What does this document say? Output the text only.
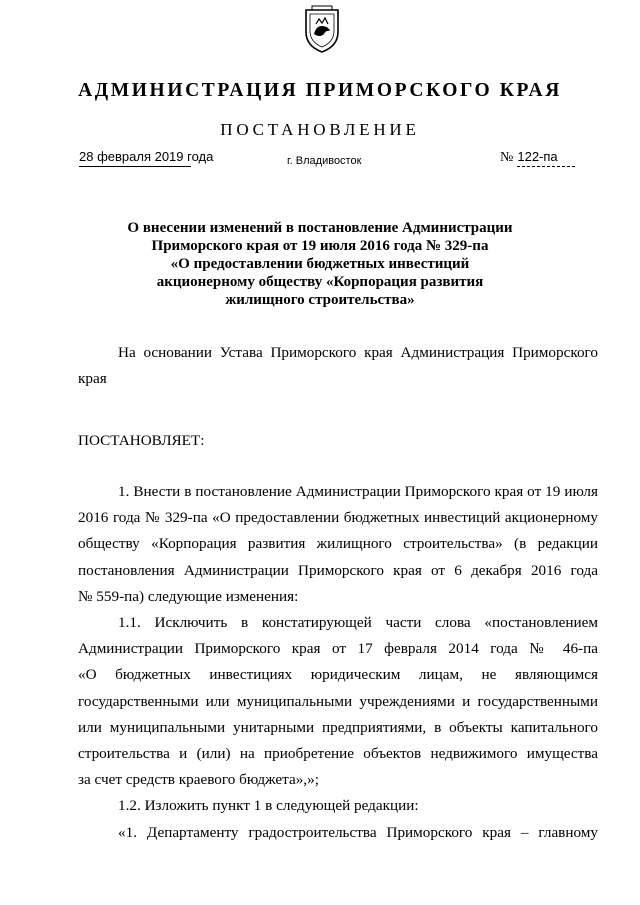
АДМИНИСТРАЦИЯ ПРИМОРСКОГО КРАЯ
ПОСТАНОВЛЕНИЕ
28 февраля 2019 года	г. Владивосток	№ 122-па
О внесении изменений в постановление Администрации
Приморского края от 19 июля 2016 года № 329-па
«О предоставлении бюджетных инвестиций
акционерному обществу «Корпорация развития
жилищного строительства»

На основании Устава Приморского края Администрация Приморского

края

ПОСТАНОВЛЯЕТ:

1. Внести в постановление Администрации Приморского края от 19 июля

2016 года № 329-па «О предоставлении бюджетных инвестиций акционерному

обществу «Корпорация развития жилищного строительства» (в редакции

постановления Администрации Приморского края от 6 декабря 2016 года

№ 559-па) следующие изменения:

1.1. Исключить в констатирующей части слова «постановлением

Администрации Приморского края от 17 февраля 2014 года № 46-па

«О бюджетных инвестициях юридическим лицам, не являющимся

государственными или муниципальными учреждениями и государственными

или муниципальными унитарными предприятиями, в объекты капитального

строительства и (или) на приобретение объектов недвижимого имущества

за счет средств краевого бюджета»,»;

1.2. Изложить пункт 1 в следующей редакции:

«1. Департаменту градостроительства Приморского края – главному
